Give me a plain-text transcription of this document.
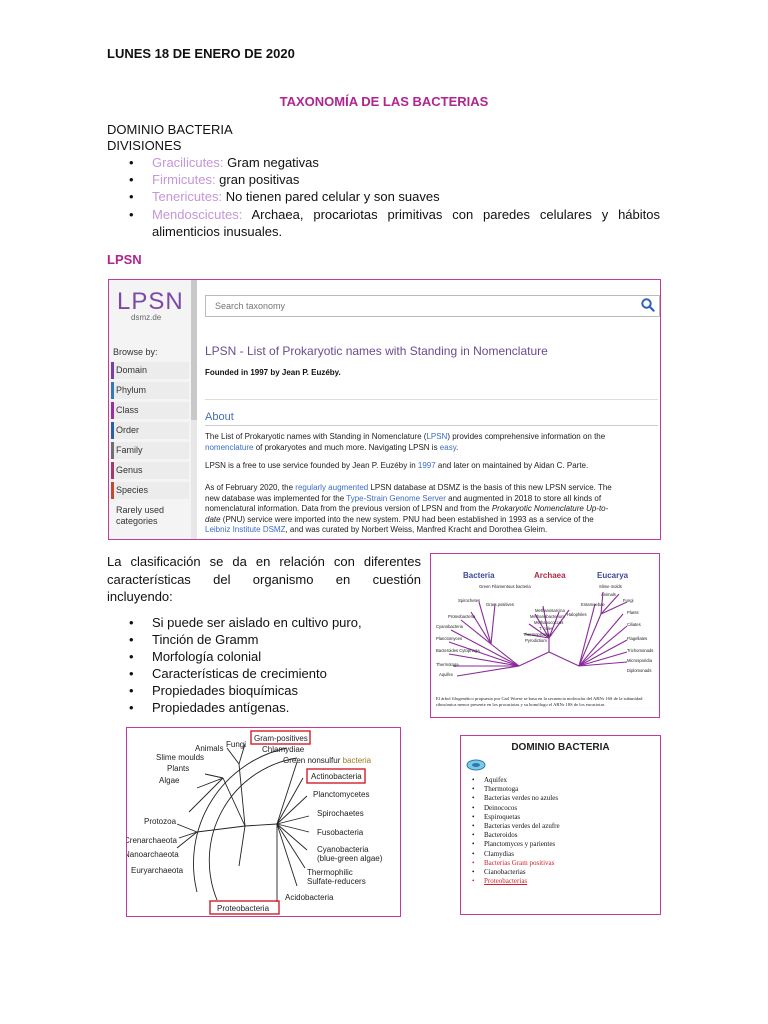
LUNES 18 DE ENERO DE 2020
TAXONOMÍA DE LAS BACTERIAS
DOMINIO BACTERIA
DIVISIONES
Gracilicutes: Gram negativas
Firmicutes: gran positivas
Tenericutes: No tienen pared celular y son suaves
Mendoscicutes: Archaea, procariotas primitivas con paredes celulares y hábitos
alimenticios inusuales.
LPSN
LPSN
dsmz.de
Browse by:
Domain
Phylum
Class
Order
Family
Genus
Species
Rarely used
categories
Search taxonomy
LPSN - List of Prokaryotic names with Standing in Nomenclature
Founded in 1997 by Jean P. Euzéby.
About
The List of Prokaryotic names with Standing in Nomenclature (LPSN) provides comprehensive information on the
nomenclature of prokaryotes and much more. Navigating LPSN is easy.
LPSN is a free to use service founded by Jean P. Euzéby in 1997 and later on maintained by Aidan C. Parte.
As of February 2020, the regularly augmented LPSN database at DSMZ is the basis of this new LPSN service. The
new database was implemented for the Type-Strain Genome Server and augmented in 2018 to store all kinds of
nomenclatural information. Data from the previous version of LPSN and from the Prokaryotic Nomenclature Up-to-
date (PNU) service were imported into the new system. PNU had been established in 1993 as a service of the
Leibniz Institute DSMZ, and was curated by Norbert Weiss, Manfred Kracht and Dorothea Gleim.
La clasificación se da en relación con diferentes
características del organismo en cuestión
incluyendo:
Si puede ser aislado en cultivo puro,
Tinción de Gramm
Morfología colonial
Características de crecimiento
Propiedades bioquímicas
Propiedades antígenas.
Bacteria	Archaea	Eucarya
Green Filamentous bacteria
Spirochetes
Gram positives
Proteobacteria
Cyanobacteria
Planctomyces
Bacteroides Cytophaga
Thermotoga
Aquifex
Methanosarcina
Methanobacterium
Methanococcus
T. celer
Thermoproteus
Pyrodictium
Halophiles
Slime molds
Animals
Fungi
Entamoebae
Plants
Ciliates
Flagellates
Trichomonads
Microsporidia
Diplomonads
El árbol filogenético propuesto por Carl Woese se basa en la secuencia molecular del ARNr 16S de la subunidad ribosómica menor presente en los procariotas y su homólogo el ARNr 18S de los eucariotas
Gram-positives
Chlamydiae
Green nonsulfur bacteria
Actinobacteria
Planctomycetes
Spirochaetes
Fusobacteria
Cyanobacteria
(blue-green algae)
Thermophilic
Sulfate-reducers
Acidobacteria
Proteobacteria
Fungi
Animals
Slime moulds
Plants
Algae
Protozoa
Crenarchaeota
Nanoarchaeota
Euryarchaeota
DOMINIO BACTERIA
• Aquifex
• Thermotoga
• Bacterias verdes no azules
• Deinococos
• Espiroquetas
• Bacterias verdes del azufre
• Bacteroidos
• Planctomyces y parientes
• Clamydias
• Bacterias Gram positivas
• Cianobacterias
• Proteobacterias
